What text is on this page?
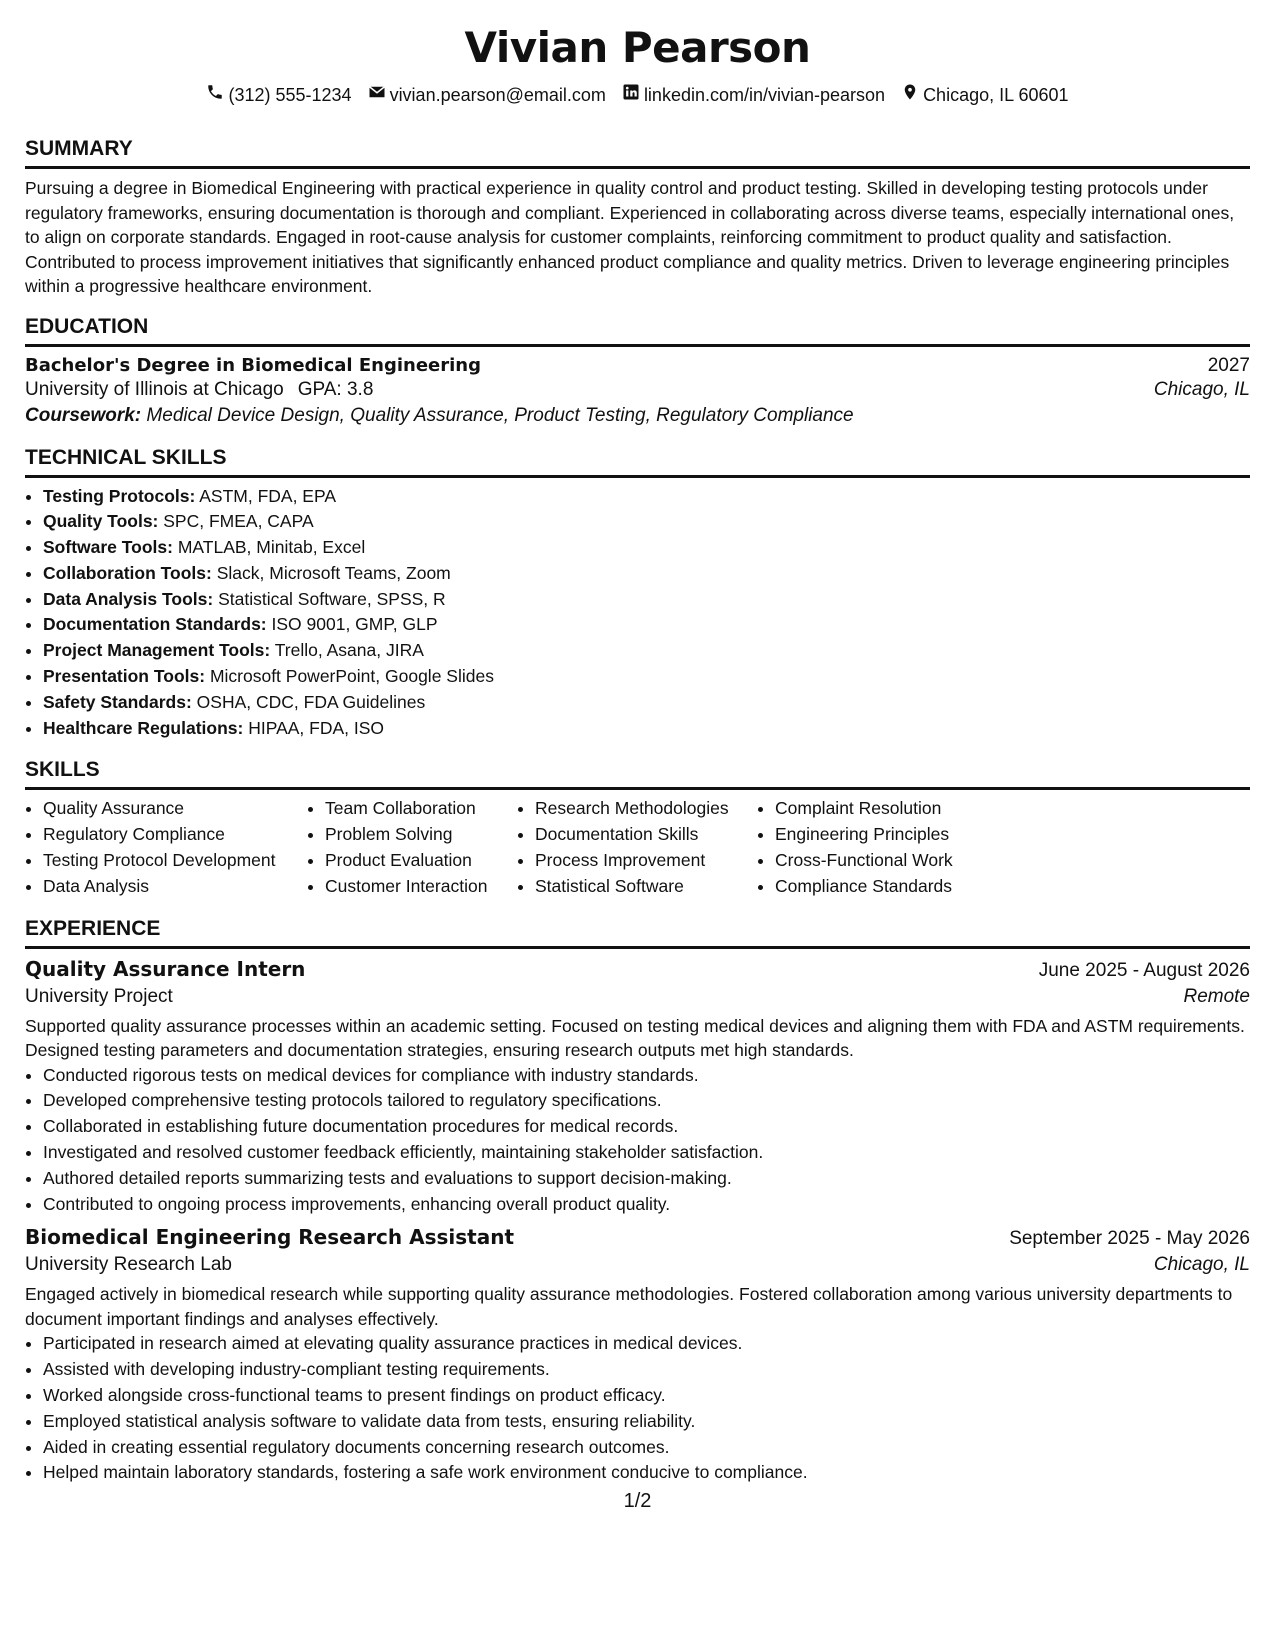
Vivian Pearson
(312) 555-1234 vivian.pearson@email.com linkedin.com/in/vivian-pearson Chicago, IL 60601
SUMMARY

Pursuing a degree in Biomedical Engineering with practical experience in quality control and product testing. Skilled in developing testing protocols under regulatory frameworks, ensuring documentation is thorough and compliant. Experienced in collaborating across diverse teams, especially international ones, to align on corporate standards. Engaged in root-cause analysis for customer complaints, reinforcing commitment to product quality and satisfaction. Contributed to process improvement initiatives that significantly enhanced product compliance and quality metrics. Driven to leverage engineering principles within a progressive healthcare environment.

EDUCATION
Bachelor's Degree in Biomedical Engineering	2027
University of Illinois at Chicago GPA: 3.8	Chicago, IL
Coursework: Medical Device Design, Quality Assurance, Product Testing, Regulatory Compliance
TECHNICAL SKILLS
• Testing Protocols: ASTM, FDA, EPA
• Quality Tools: SPC, FMEA, CAPA
• Software Tools: MATLAB, Minitab, Excel
• Collaboration Tools: Slack, Microsoft Teams, Zoom
• Data Analysis Tools: Statistical Software, SPSS, R
• Documentation Standards: ISO 9001, GMP, GLP
• Project Management Tools: Trello, Asana, JIRA
• Presentation Tools: Microsoft PowerPoint, Google Slides
• Safety Standards: OSHA, CDC, FDA Guidelines
• Healthcare Regulations: HIPAA, FDA, ISO
SKILLS
• Quality Assurance
• Regulatory Compliance
• Testing Protocol Development
• Data Analysis
• Team Collaboration
• Problem Solving
• Product Evaluation
• Customer Interaction
• Research Methodologies
• Documentation Skills
• Process Improvement
• Statistical Software
• Complaint Resolution
• Engineering Principles
• Cross-Functional Work
• Compliance Standards
EXPERIENCE
Quality Assurance Intern	June 2025 - August 2026
University Project	Remote

Supported quality assurance processes within an academic setting. Focused on testing medical devices and aligning them with FDA and ASTM requirements. Designed testing parameters and documentation strategies, ensuring research outputs met high standards.

• Conducted rigorous tests on medical devices for compliance with industry standards.
• Developed comprehensive testing protocols tailored to regulatory specifications.
• Collaborated in establishing future documentation procedures for medical records.
• Investigated and resolved customer feedback efficiently, maintaining stakeholder satisfaction.
• Authored detailed reports summarizing tests and evaluations to support decision-making.
• Contributed to ongoing process improvements, enhancing overall product quality.
Biomedical Engineering Research Assistant	September 2025 - May 2026
University Research Lab	Chicago, IL

Engaged actively in biomedical research while supporting quality assurance methodologies. Fostered collaboration among various university departments to document important findings and analyses effectively.

• Participated in research aimed at elevating quality assurance practices in medical devices.
• Assisted with developing industry-compliant testing requirements.
• Worked alongside cross-functional teams to present findings on product efficacy.
• Employed statistical analysis software to validate data from tests, ensuring reliability.
• Aided in creating essential regulatory documents concerning research outcomes.
• Helped maintain laboratory standards, fostering a safe work environment conducive to compliance.
1/2
